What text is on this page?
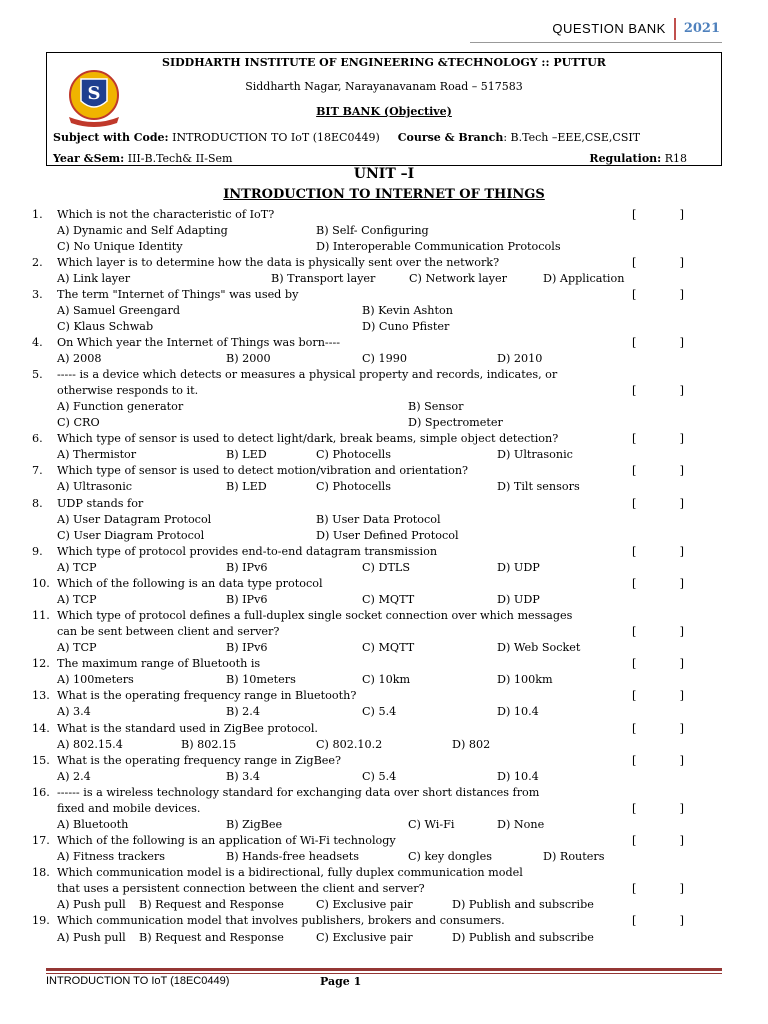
QUESTION BANK	2021
S
SIDDHARTH INSTITUTE OF ENGINEERING &TECHNOLOGY :: PUTTUR
Siddharth Nagar, Narayanavanam Road – 517583
BIT BANK (Objective)
Subject with Code: INTRODUCTION TO IoT (18EC0449) Course & Branch: B.Tech –EEE,CSE,CSIT
Year &Sem: III-B.Tech& II-Sem	Regulation: R18
UNIT –I
INTRODUCTION TO INTERNET OF THINGS
1. Which is not the characteristic of IoT?	[	]
A) Dynamic and Self Adapting	B) Self- Configuring
C) No Unique Identity	D) Interoperable Communication Protocols
2. Which layer is to determine how the data is physically sent over the network?	[	]
A) Link layer	B) Transport layer	C) Network layer	D) Application
3. The term "Internet of Things" was used by	[	]
A) Samuel Greengard	B) Kevin Ashton
C) Klaus Schwab	D) Cuno Pfister
4. On Which year the Internet of Things was born----	[	]
A) 2008	B) 2000	C) 1990	D) 2010
5. ----- is a device which detects or measures a physical property and records, indicates, or
otherwise responds to it.	[	]
A) Function generator	B) Sensor
C) CRO	D) Spectrometer
6. Which type of sensor is used to detect light/dark, break beams, simple object detection?	[	]
A) Thermistor	B) LED	C) Photocells	D) Ultrasonic
7. Which type of sensor is used to detect motion/vibration and orientation?	[	]
A) Ultrasonic	B) LED	C) Photocells	D) Tilt sensors
8. UDP stands for	[	]
A) User Datagram Protocol	B) User Data Protocol
C) User Diagram Protocol	D) User Defined Protocol
9. Which type of protocol provides end-to-end datagram transmission	[	]
A) TCP	B) IPv6	C) DTLS	D) UDP
10. Which of the following is an data type protocol	[	]
A) TCP	B) IPv6	C) MQTT	D) UDP
11. Which type of protocol defines a full-duplex single socket connection over which messages
can be sent between client and server?	[	]
A) TCP	B) IPv6	C) MQTT	D) Web Socket
12. The maximum range of Bluetooth is	[	]
A) 100meters	B) 10meters	C) 10km	D) 100km
13. What is the operating frequency range in Bluetooth?	[	]
A) 3.4	B) 2.4	C) 5.4	D) 10.4
14. What is the standard used in ZigBee protocol.	[	]
A) 802.15.4	B) 802.15	C) 802.10.2	D) 802
15. What is the operating frequency range in ZigBee?	[	]
A) 2.4	B) 3.4	C) 5.4	D) 10.4
16. ------ is a wireless technology standard for exchanging data over short distances from
fixed and mobile devices.	[	]
A) Bluetooth	B) ZigBee	C) Wi-Fi	D) None
17. Which of the following is an application of Wi-Fi technology	[	]
A) Fitness trackers	B) Hands-free headsets	C) key dongles	D) Routers
18. Which communication model is a bidirectional, fully duplex communication model
that uses a persistent connection between the client and server?	[	]
A) Push pull B) Request and Response	C) Exclusive pair	D) Publish and subscribe
19. Which communication model that involves publishers, brokers and consumers.	[	]
A) Push pull B) Request and Response	C) Exclusive pair	D) Publish and subscribe
INTRODUCTION TO IoT (18EC0449)	Page 1
